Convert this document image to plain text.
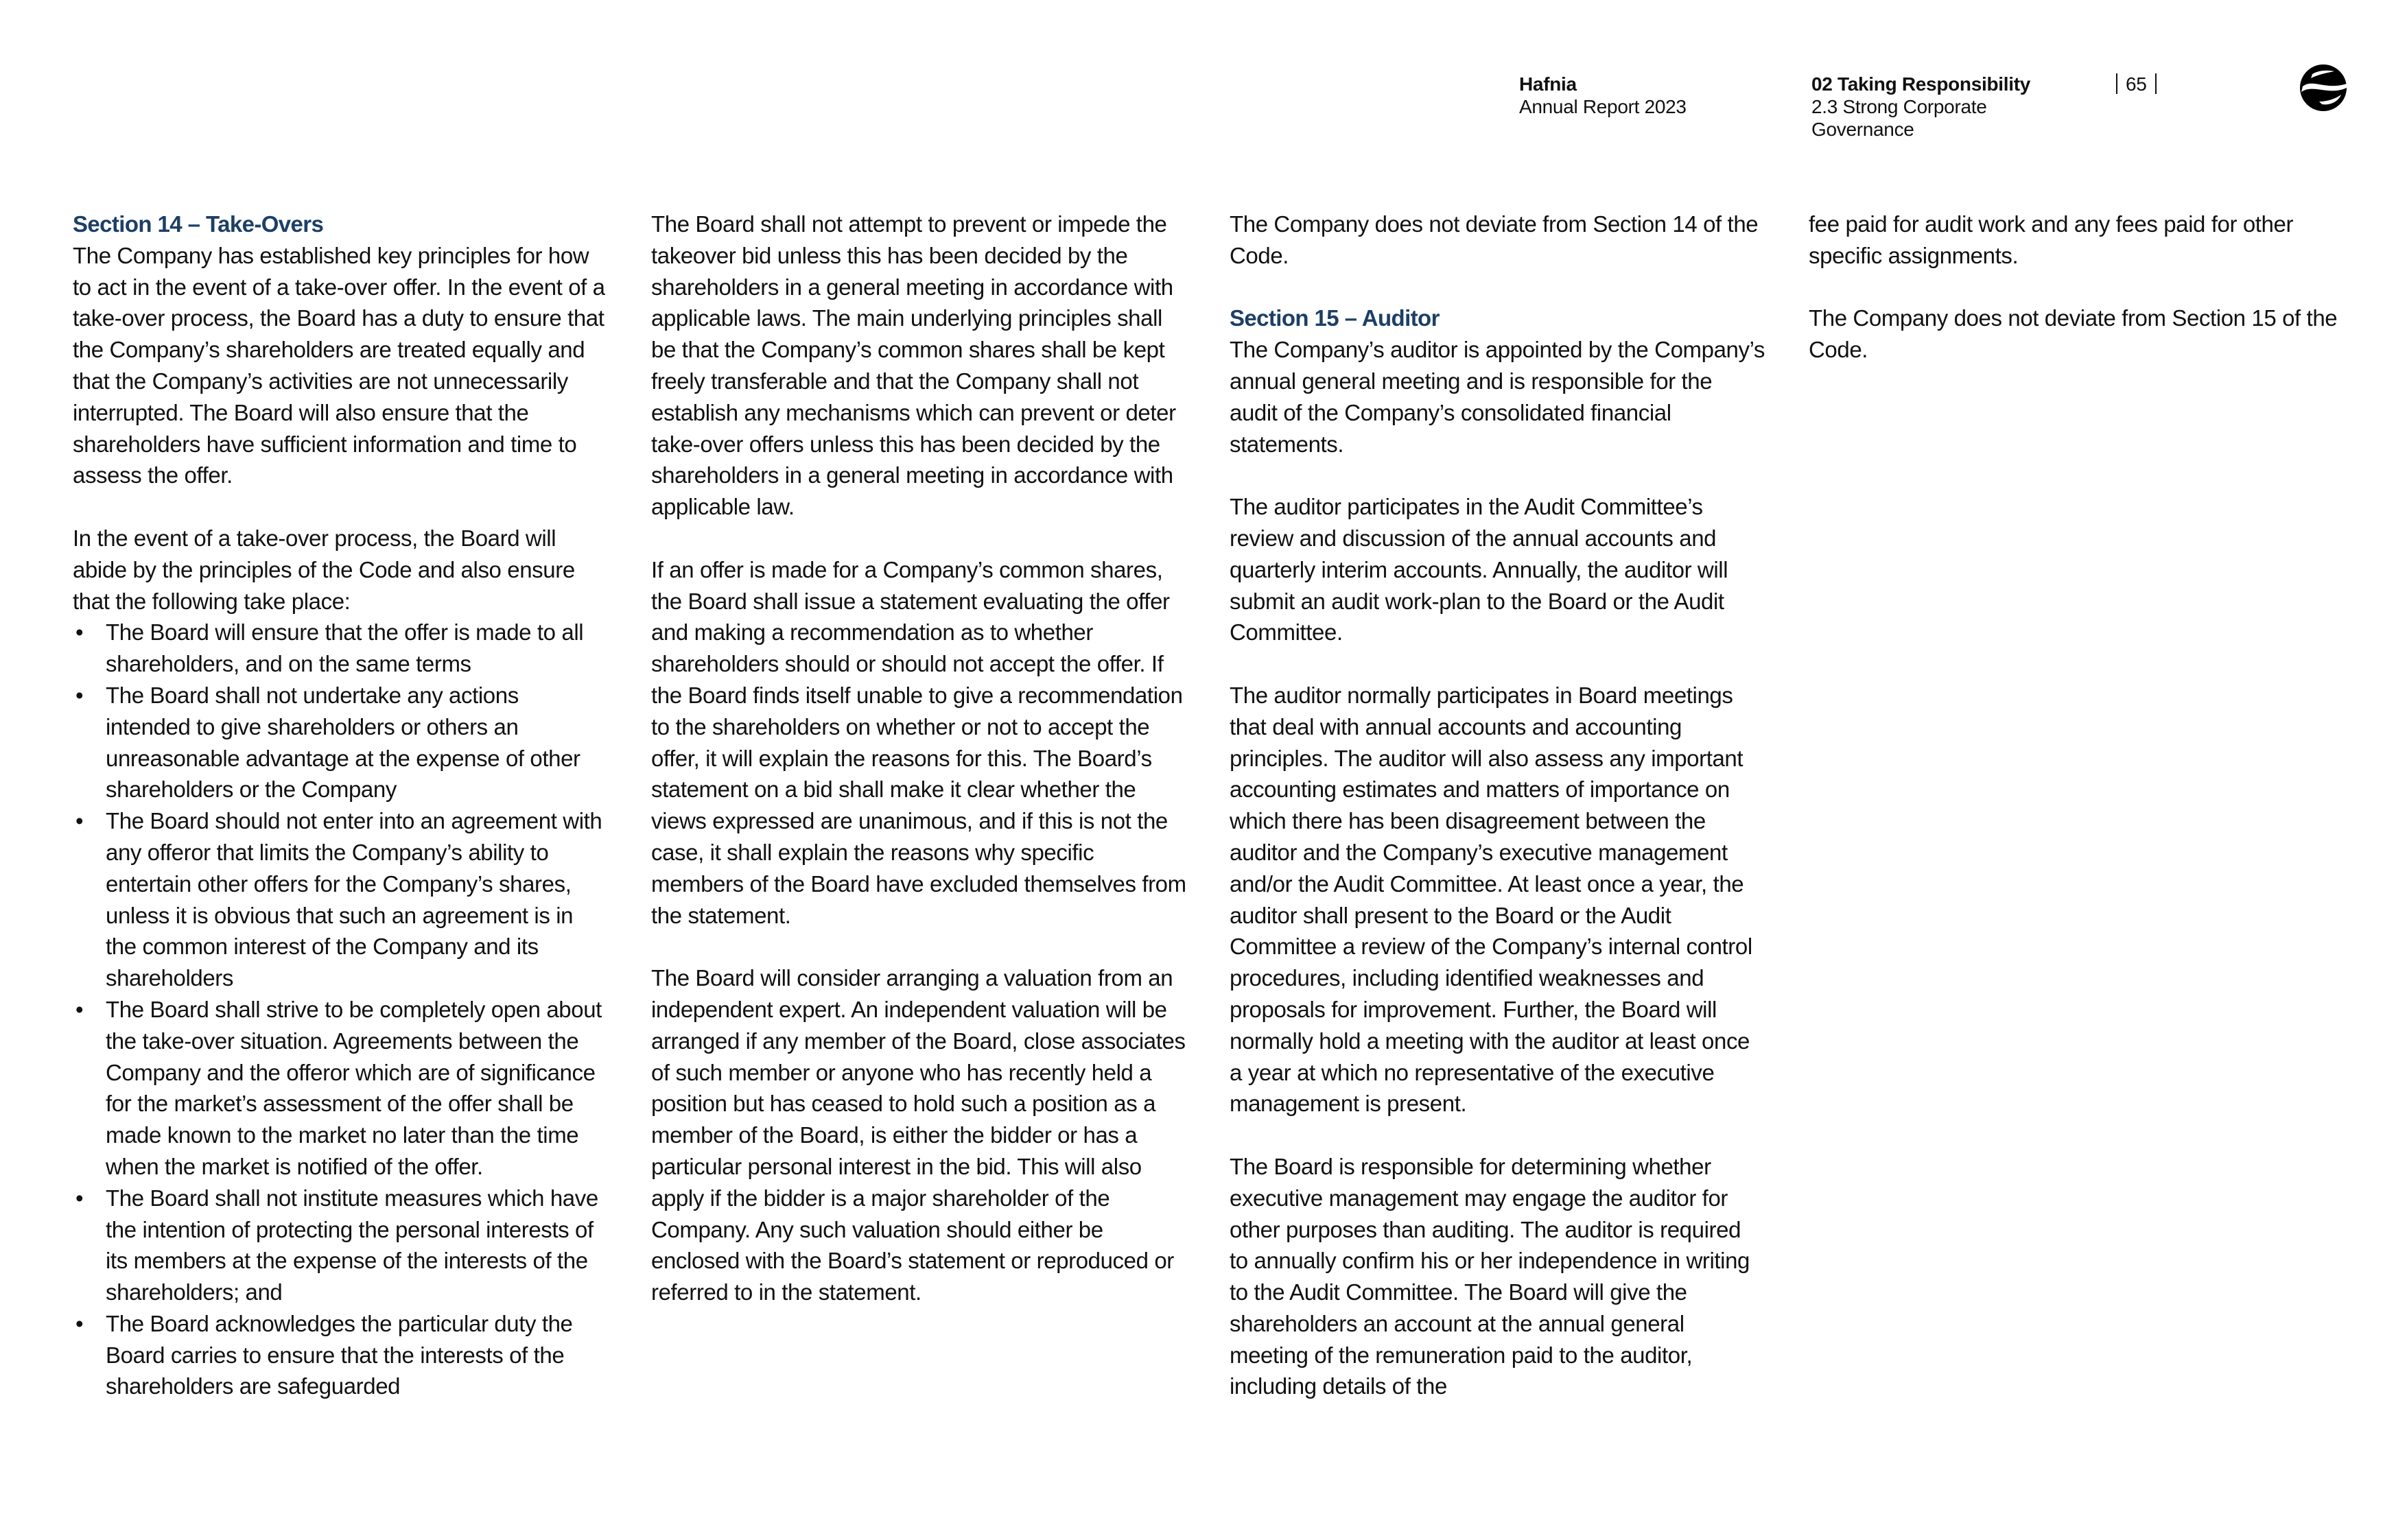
Hafnia
Annual Report 2023
02 Taking Responsibility
2.3 Strong Corporate
Governance
65
Section 14 – Take-Overs

The Company has established key principles for how to act in the event of a take-over offer. In the event of a take-over process, the Board has a duty to ensure that the Company’s shareholders are treated equally and that the Company’s activities are not unnecessarily interrupted. The Board will also ensure that the shareholders have sufficient information and time to assess the offer.

In the event of a take-over process, the Board will abide by the principles of the Code and also ensure that the following take place:

• The Board will ensure that the offer is made to all shareholders, and on the same terms
• The Board shall not undertake any actions intended to give shareholders or others an unreasonable advantage at the expense of other shareholders or the Company
• The Board should not enter into an agreement with any offeror that limits the Company’s ability to entertain other offers for the Company’s shares, unless it is obvious that such an agreement is in the common interest of the Company and its shareholders
• The Board shall strive to be completely open about the take-over situation. Agreements between the Company and the offeror which are of significance for the market’s assessment of the offer shall be made known to the market no later than the time when the market is notified of the offer.
• The Board shall not institute measures which have the intention of protecting the personal interests of its members at the expense of the interests of the shareholders; and
• The Board acknowledges the particular duty the Board carries to ensure that the interests of the shareholders are safeguarded

The Board shall not attempt to prevent or impede the takeover bid unless this has been decided by the shareholders in a general meeting in accordance with applicable laws. The main underlying principles shall be that the Company’s common shares shall be kept freely transferable and that the Company shall not establish any mechanisms which can prevent or deter take-over offers unless this has been decided by the shareholders in a general meeting in accordance with applicable law.

If an offer is made for a Company’s common shares, the Board shall issue a statement evaluating the offer and making a recommendation as to whether shareholders should or should not accept the offer. If the Board finds itself unable to give a recommendation to the shareholders on whether or not to accept the offer, it will explain the reasons for this. The Board’s statement on a bid shall make it clear whether the views expressed are unanimous, and if this is not the case, it shall explain the reasons why specific members of the Board have excluded themselves from the statement.

The Board will consider arranging a valuation from an independent expert. An independent valuation will be arranged if any member of the Board, close associates of such member or anyone who has recently held a position but has ceased to hold such a position as a member of the Board, is either the bidder or has a particular personal interest in the bid. This will also apply if the bidder is a major shareholder of the Company. Any such valuation should either be enclosed with the Board’s statement or reproduced or referred to in the statement.

The Company does not deviate from Section 14 of the Code.

Section 15 – Auditor

The Company’s auditor is appointed by the Company’s annual general meeting and is responsible for the audit of the Company’s consolidated financial statements.

The auditor participates in the Audit Committee’s review and discussion of the annual accounts and quarterly interim accounts. Annually, the auditor will submit an audit work-plan to the Board or the Audit Committee.

The auditor normally participates in Board meetings that deal with annual accounts and accounting principles. The auditor will also assess any important accounting estimates and matters of importance on which there has been disagreement between the auditor and the Company’s executive management and/or the Audit Committee. At least once a year, the auditor shall present to the Board or the Audit Committee a review of the Company’s internal control procedures, including identified weaknesses and proposals for improvement. Further, the Board will normally hold a meeting with the auditor at least once a year at which no representative of the executive management is present.

The Board is responsible for determining whether executive management may engage the auditor for other purposes than auditing. The auditor is required to annually confirm his or her independence in writing to the Audit Committee. The Board will give the shareholders an account at the annual general meeting of the remuneration paid to the auditor, including details of the

fee paid for audit work and any fees paid for other specific assignments.

The Company does not deviate from Section 15 of the Code.
